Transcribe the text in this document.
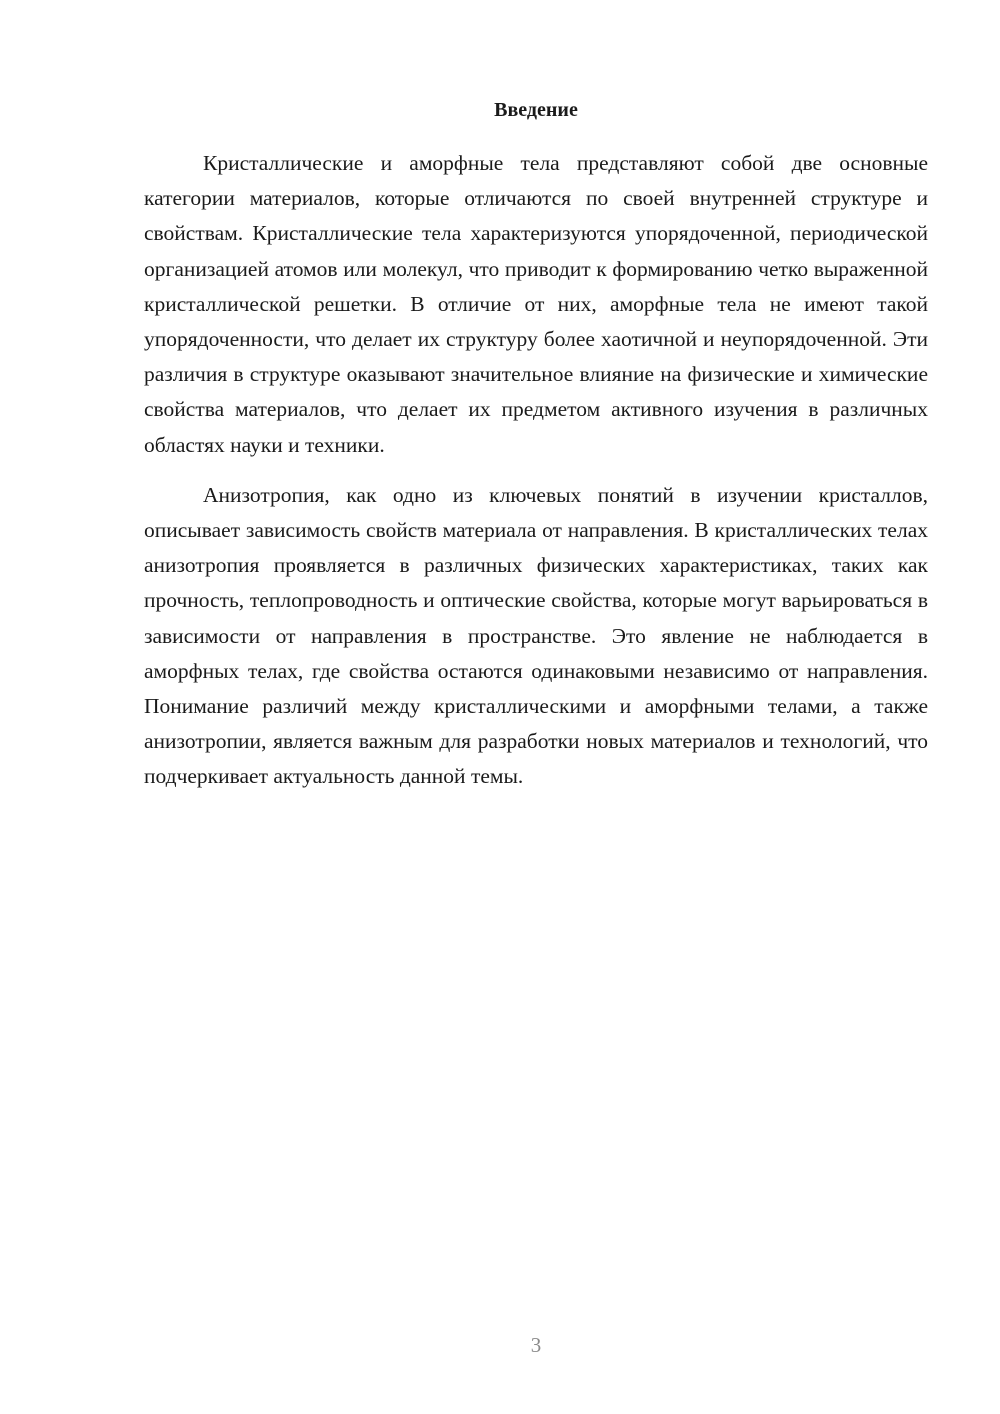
Введение

Кристаллические и аморфные тела представляют собой две основные категории материалов, которые отличаются по своей внутренней структуре и свойствам. Кристаллические тела характеризуются упорядоченной, периодической организацией атомов или молекул, что приводит к формированию четко выраженной кристаллической решетки. В отличие от них, аморфные тела не имеют такой упорядоченности, что делает их структуру более хаотичной и неупорядоченной. Эти различия в структуре оказывают значительное влияние на физические и химические свойства материалов, что делает их предметом активного изучения в различных областях науки и техники.

Анизотропия, как одно из ключевых понятий в изучении кристаллов, описывает зависимость свойств материала от направления. В кристаллических телах анизотропия проявляется в различных физических характеристиках, таких как прочность, теплопроводность и оптические свойства, которые могут варьироваться в зависимости от направления в пространстве. Это явление не наблюдается в аморфных телах, где свойства остаются одинаковыми независимо от направления. Понимание различий между кристаллическими и аморфными телами, а также анизотропии, является важным для разработки новых материалов и технологий, что подчеркивает актуальность данной темы.

3
